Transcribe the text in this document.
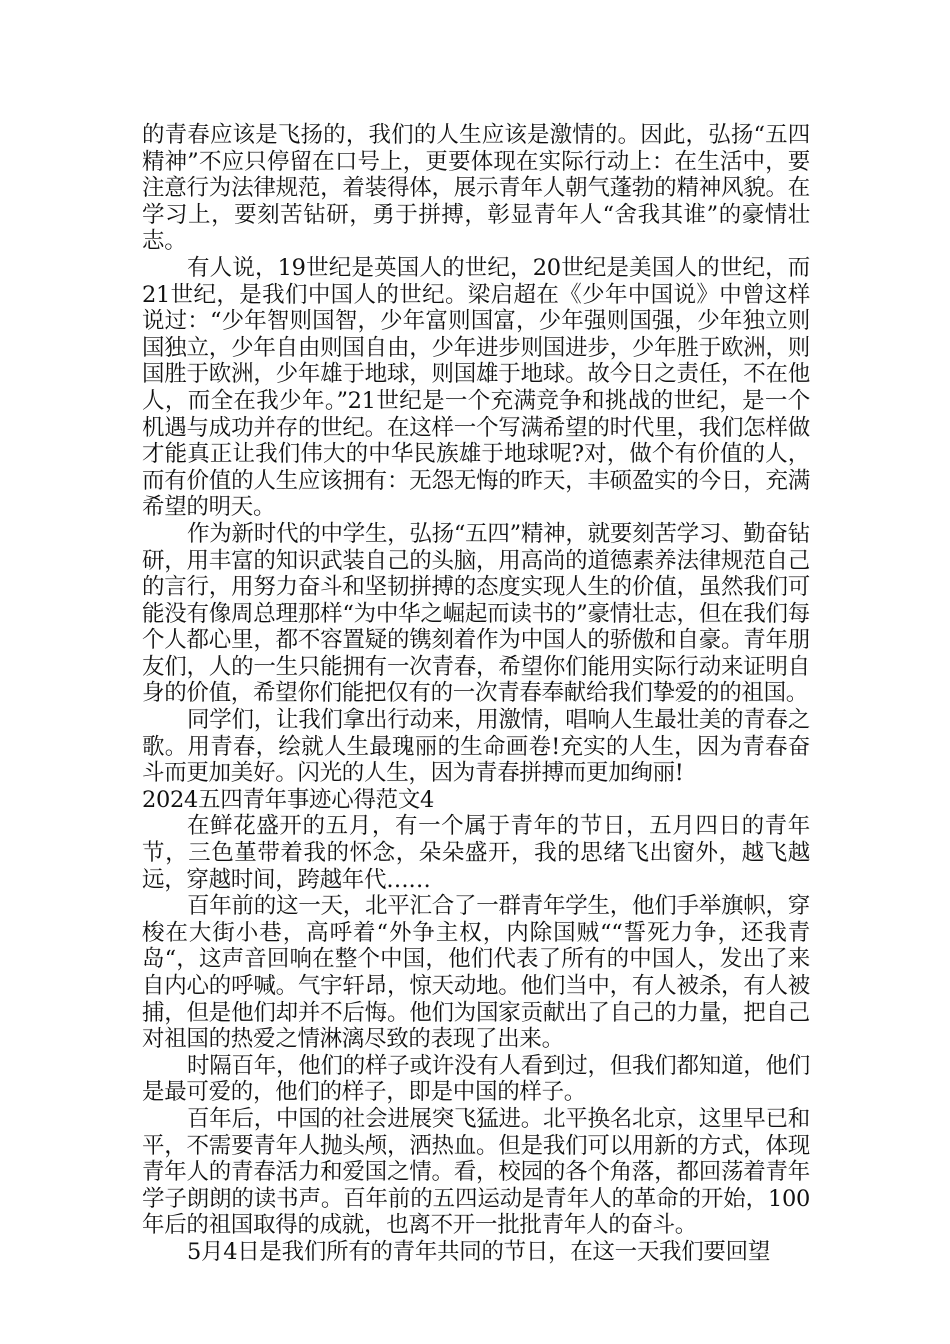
的青春应该是飞扬的，我们的人生应该是激情的。因此，弘扬“五四精神”不应只停留在口号上，更要体现在实际行动上：在生活中，要注意行为法律规范，着装得体，展示青年人朝气蓬勃的精神风貌。在学习上，要刻苦钻研，勇于拼搏，彰显青年人“舍我其谁”的豪情壮志。

有人说，19世纪是英国人的世纪，20世纪是美国人的世纪，而21世纪，是我们中国人的世纪。梁启超在《少年中国说》中曾这样说过：“少年智则国智，少年富则国富，少年强则国强，少年独立则国独立，少年自由则国自由，少年进步则国进步，少年胜于欧洲，则国胜于欧洲，少年雄于地球，则国雄于地球。故今日之责任，不在他人，而全在我少年。”21世纪是一个充满竞争和挑战的世纪，是一个机遇与成功并存的世纪。在这样一个写满希望的时代里，我们怎样做才能真正让我们伟大的中华民族雄于地球呢?对，做个有价值的人，而有价值的人生应该拥有：无怨无悔的昨天，丰硕盈实的今日，充满希望的明天。

作为新时代的中学生，弘扬“五四”精神，就要刻苦学习、勤奋钻研，用丰富的知识武装自己的头脑，用高尚的道德素养法律规范自己的言行，用努力奋斗和坚韧拼搏的态度实现人生的价值，虽然我们可能没有像周总理那样“为中华之崛起而读书的”豪情壮志，但在我们每个人都心里，都不容置疑的镌刻着作为中国人的骄傲和自豪。青年朋友们，人的一生只能拥有一次青春，希望你们能用实际行动来证明自身的价值，希望你们能把仅有的一次青春奉献给我们挚爱的的祖国。

同学们，让我们拿出行动来，用激情，唱响人生最壮美的青春之歌。用青春，绘就人生最瑰丽的生命画卷!充实的人生，因为青春奋斗而更加美好。闪光的人生，因为青春拼搏而更加绚丽!

2024五四青年事迹心得范文4

在鲜花盛开的五月，有一个属于青年的节日，五月四日的青年节，三色堇带着我的怀念，朵朵盛开，我的思绪飞出窗外，越飞越远，穿越时间，跨越年代……

百年前的这一天，北平汇合了一群青年学生，他们手举旗帜，穿梭在大街小巷，高呼着“外争主权，内除国贼““誓死力争，还我青岛“，这声音回响在整个中国，他们代表了所有的中国人，发出了来自内心的呼喊。气宇轩昂，惊天动地。他们当中，有人被杀，有人被捕，但是他们却并不后悔。他们为国家贡献出了自己的力量，把自己对祖国的热爱之情淋漓尽致的表现了出来。

时隔百年，他们的样子或许没有人看到过，但我们都知道，他们是最可爱的，他们的样子，即是中国的样子。

百年后，中国的社会进展突飞猛进。北平换名北京，这里早已和平，不需要青年人抛头颅，洒热血。但是我们可以用新的方式，体现青年人的青春活力和爱国之情。看，校园的各个角落，都回荡着青年学子朗朗的读书声。百年前的五四运动是青年人的革命的开始，100年后的祖国取得的成就，也离不开一批批青年人的奋斗。

5月4日是我们所有的青年共同的节日，在这一天我们要回望
